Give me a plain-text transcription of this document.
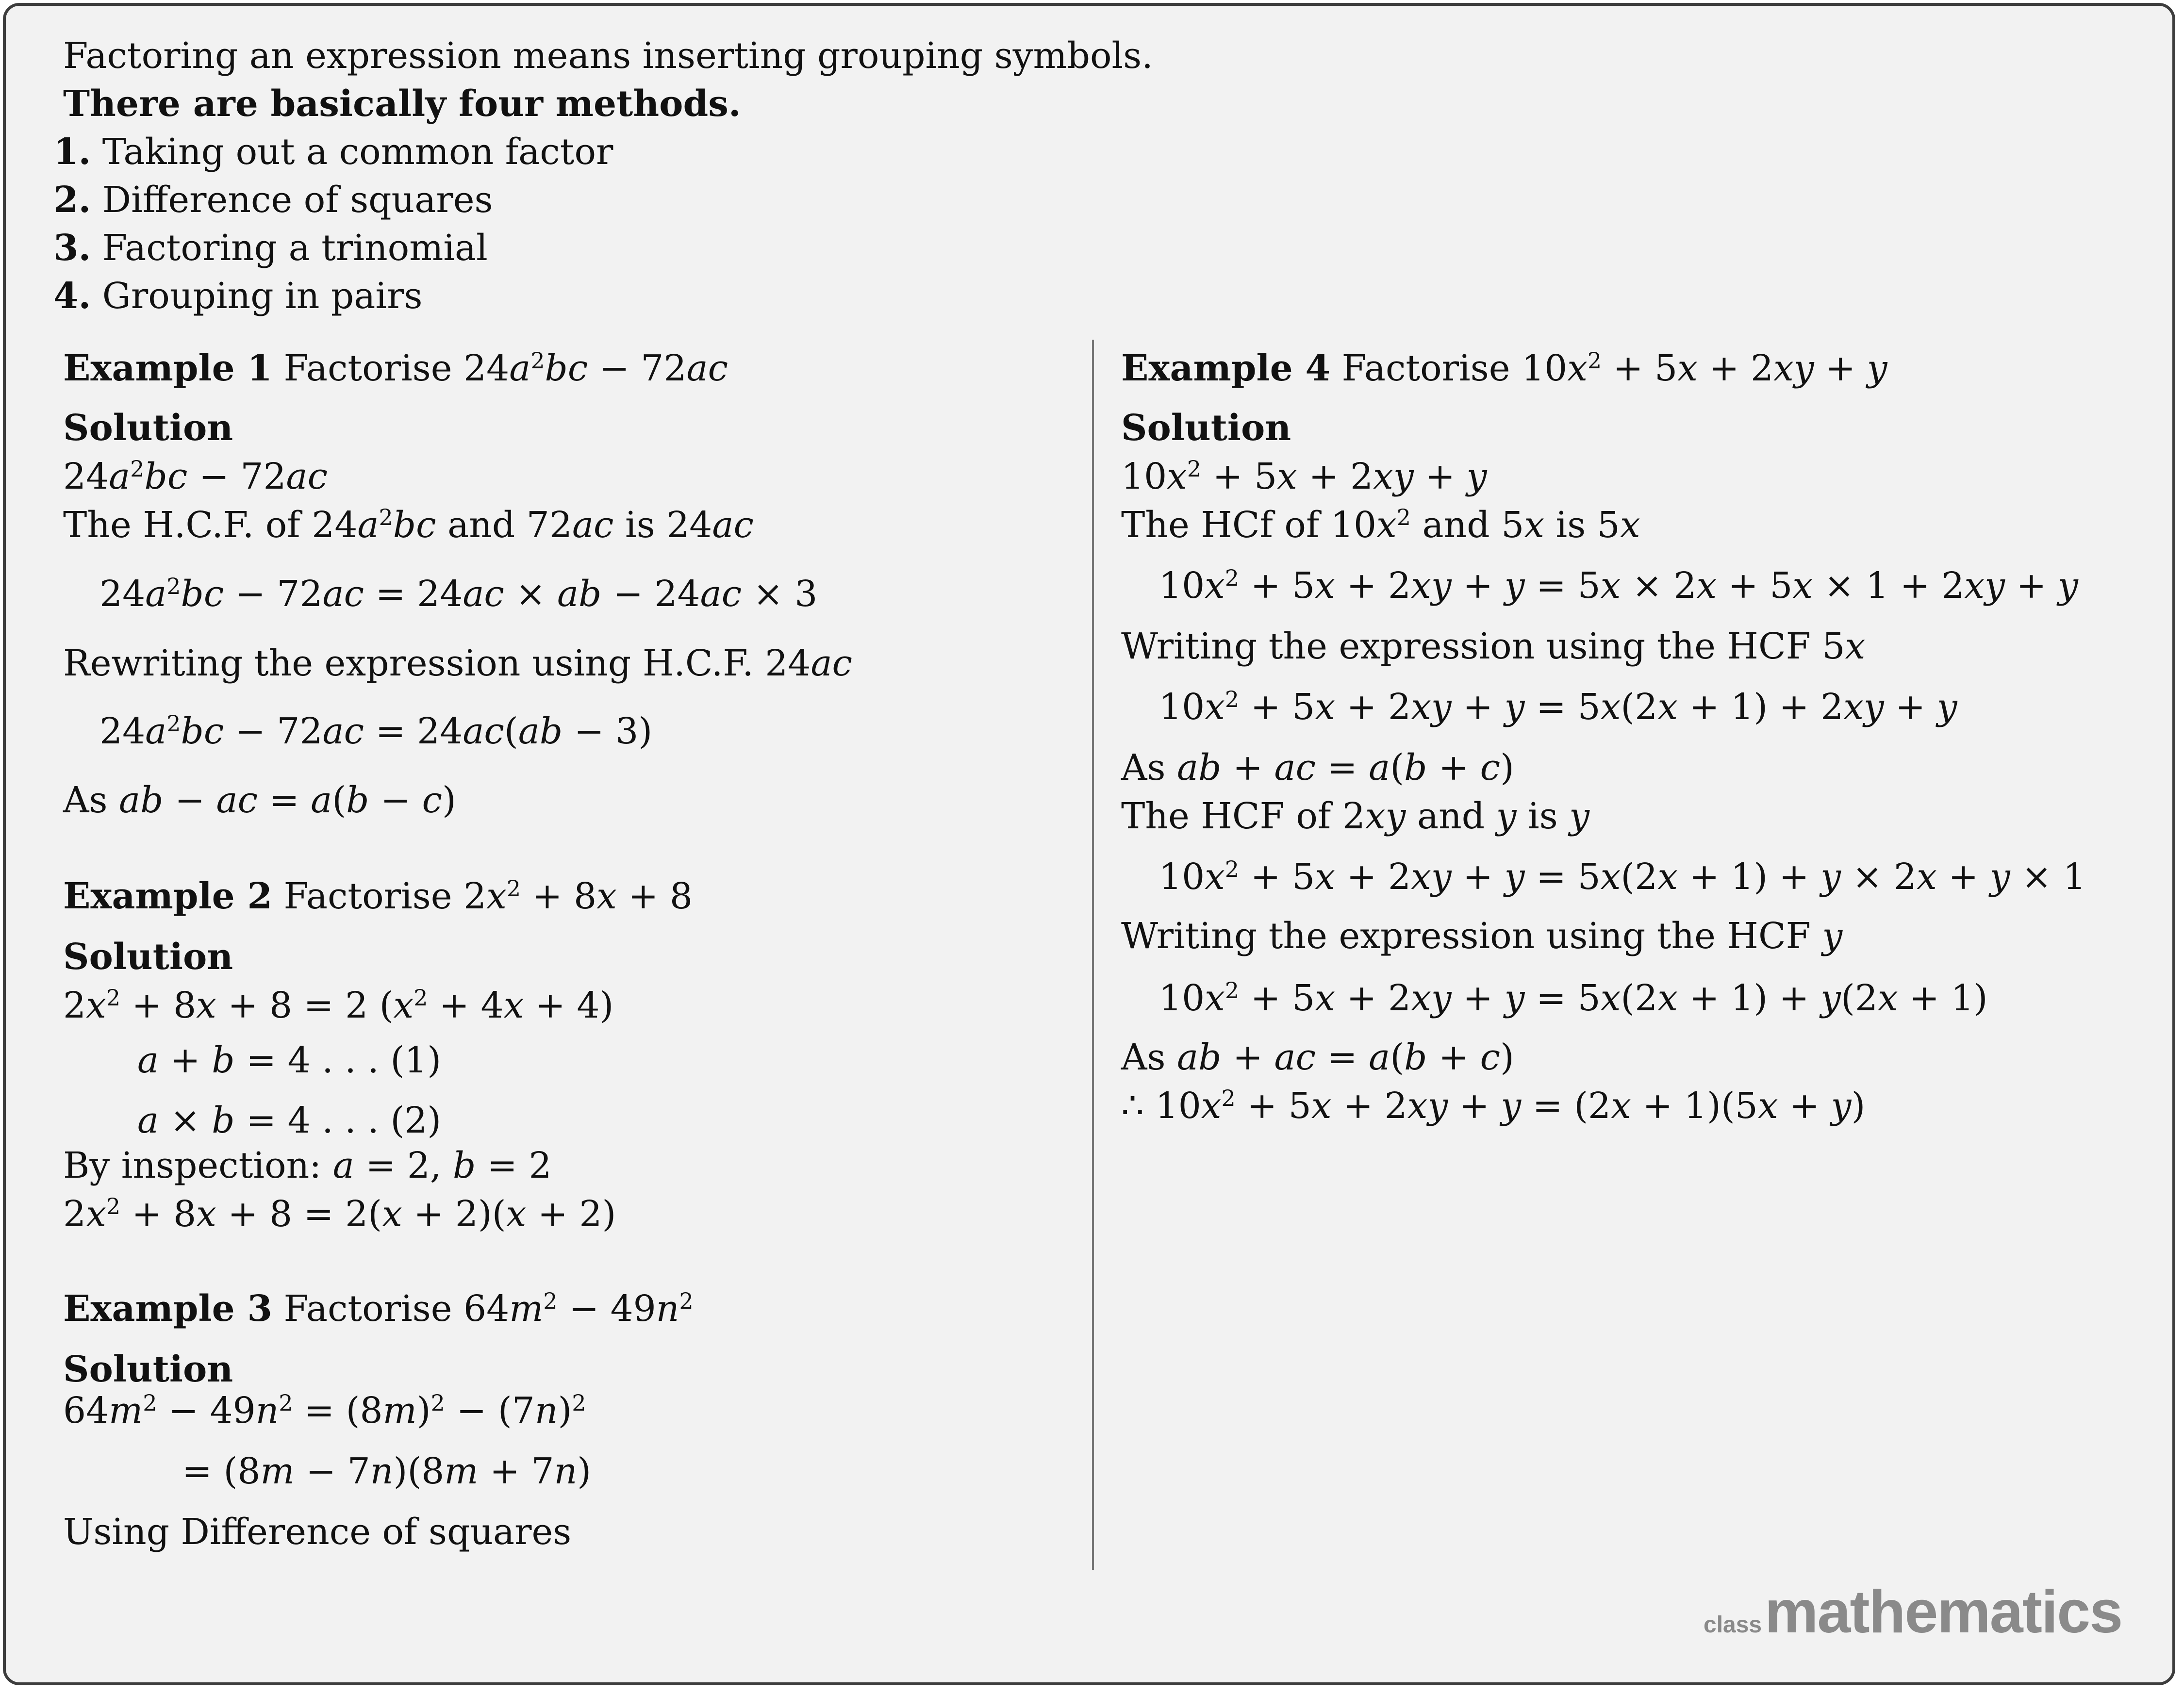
Factoring an expression means inserting grouping symbols.
There are basically four methods.
1. Taking out a common factor
2. Difference of squares
3. Factoring a trinomial
4. Grouping in pairs
Example 1 Factorise $24a^2bc - 72ac$
Solution
$24a^2bc - 72ac$
The H.C.F. of $24a^2bc$ and 72ac is 24ac
$24a^2bc - 72ac = 24ac$ × ab − 24ac × 3
Rewriting the expression using H.C.F. 24ac
$24a^2bc - 72ac = 24ac(ab - 3)$
As ab − ac = a(b − c)
Example 2 Factorise $2x^2 + 8x + 8$
Solution
$2x^2 + 8x + 8 = 2$ $(x^2 + 4x + 4)$
a + b = 4 . . . (1)
a × b = 4 . . . (2)
By inspection: a = 2, b = 2
$2x^2 + 8x + 8 = 2(x + 2)(x + 2)$
Example 3 Factorise $64m^2 - 49n^2$
Solution
$64m^2 - 49n^2 = (8m)^2 - (7n)^2$
= (8m − 7n)(8m + 7n)
Using Difference of squares
Example 4 Factorise $10x^2 + 5x + 2xy + y$
Solution
$10x^2 + 5x + 2xy + y$
The HCf of $10x^2$ and 5x is 5x
$10x^2 + 5x + 2xy + y = 5x \times 2x + 5x \times 1 + 2xy + y$
Writing the expression using the HCF 5x
$10x^2 + 5x + 2xy + y = 5x(2x + 1) + 2xy + y$
As ab + ac = a(b + c)
The HCF of 2xy and y is y
$10x^2 + 5x + 2xy + y = 5x(2x + 1) + y \times 2x + y \times 1$
Writing the expression using the HCF y
$10x^2 + 5x + 2xy + y = 5x(2x + 1) + y(2x + 1)$
As ab + ac = a(b + c)
∴ $10x^2 + 5x + 2xy + y = (2x + 1)(5x + y)$
classmathematics
